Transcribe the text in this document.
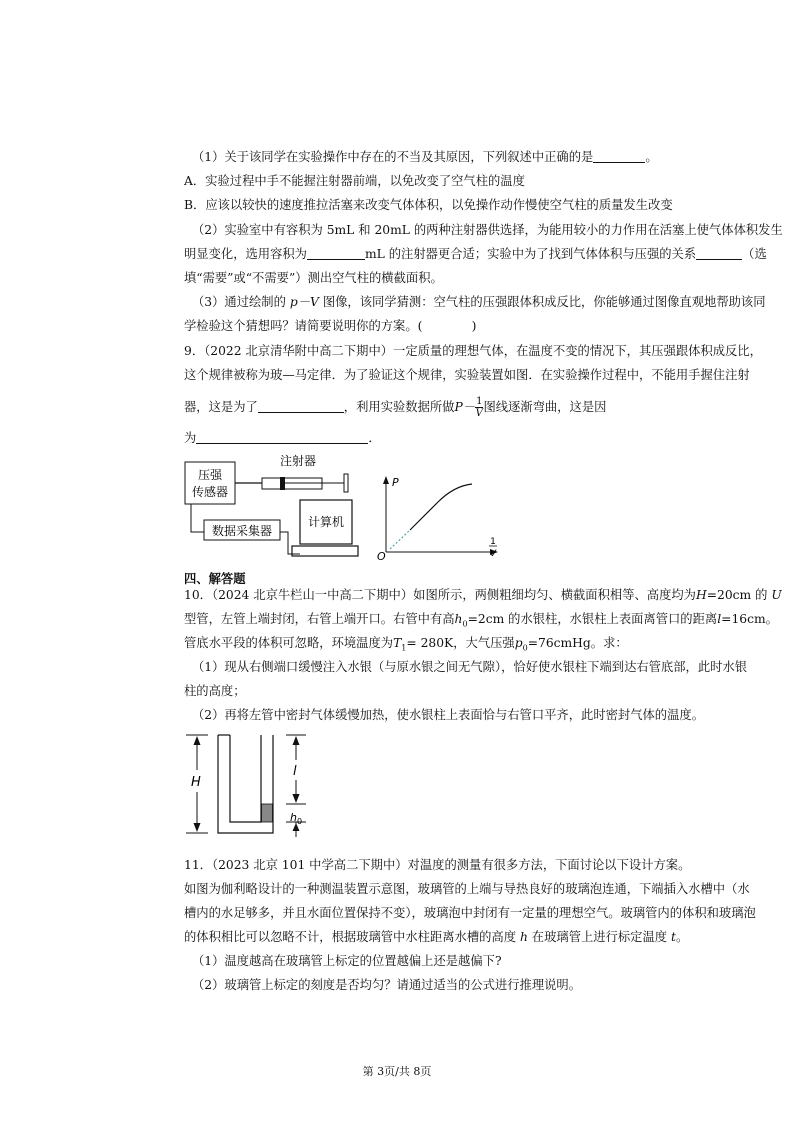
（1）关于该同学在实验操作中存在的不当及其原因，下列叙述中正确的是	。
A．实验过程中手不能握注射器前端，以免改变了空气柱的温度
B．应该以较快的速度推拉活塞来改变气体体积，以免操作动作慢使空气柱的质量发生改变
（2）实验室中有容积为 5mL 和 20mL 的两种注射器供选择，为能用较小的力作用在活塞上使气体体积发生
明显变化，选用容积为	mL 的注射器更合适；实验中为了找到气体体积与压强的关系	（选
填“需要”或“不需要”）测出空气柱的横截面积。
（3）通过绘制的 p－V 图像，该同学猜测：空气柱的压强跟体积成反比，你能够通过图像直观地帮助该同
学检验这个猜想吗？请简要说明你的方案。(　　　　)
9．（2022 北京清华附中高二下期中）一定质量的理想气体，在温度不变的情况下，其压强跟体积成反比，
这个规律被称为玻—马定律．为了验证这个规律，实验装置如图．在实验操作过程中，不能用手握住注射
器，这是为了	，利用实验数据所做$P- \frac{1}{V}$ 图线逐渐弯曲，这是因
为	．
压强
传感器
注射器
数据采集器
计算机
P
O
1
V
四、解答题
10．（2024 北京牛栏山一中高二下期中）如图所示，两侧粗细均匀、横截面积相等、高度均为H=20cm 的 U
型管，左管上端封闭，右管上端开口。右管中有高$h_0=2cm$ 的水银柱，水银柱上表面离管口的距离l=16cm。
管底水平段的体积可忽略，环境温度为$T_1= 280K$，大气压强$p_0=76cmHg$。求：
（1）现从右侧端口缓慢注入水银（与原水银之间无气隙），恰好使水银柱下端到达右管底部，此时水银
柱的高度；
（2）再将左管中密封气体缓慢加热，使水银柱上表面恰与右管口平齐，此时密封气体的温度。
H
l
h 0
11．（2023 北京 101 中学高二下期中）对温度的测量有很多方法，下面讨论以下设计方案。
如图为伽利略设计的一种测温装置示意图，玻璃管的上端与导热良好的玻璃泡连通，下端插入水槽中（水
槽内的水足够多，并且水面位置保持不变），玻璃泡中封闭有一定量的理想空气。玻璃管内的体积和玻璃泡
的体积相比可以忽略不计，根据玻璃管中水柱距离水槽的高度 h 在玻璃管上进行标定温度 t。
（1）温度越高在玻璃管上标定的位置越偏上还是越偏下?
（2）玻璃管上标定的刻度是否均匀？请通过适当的公式进行推理说明。
第 3页/共 8页
